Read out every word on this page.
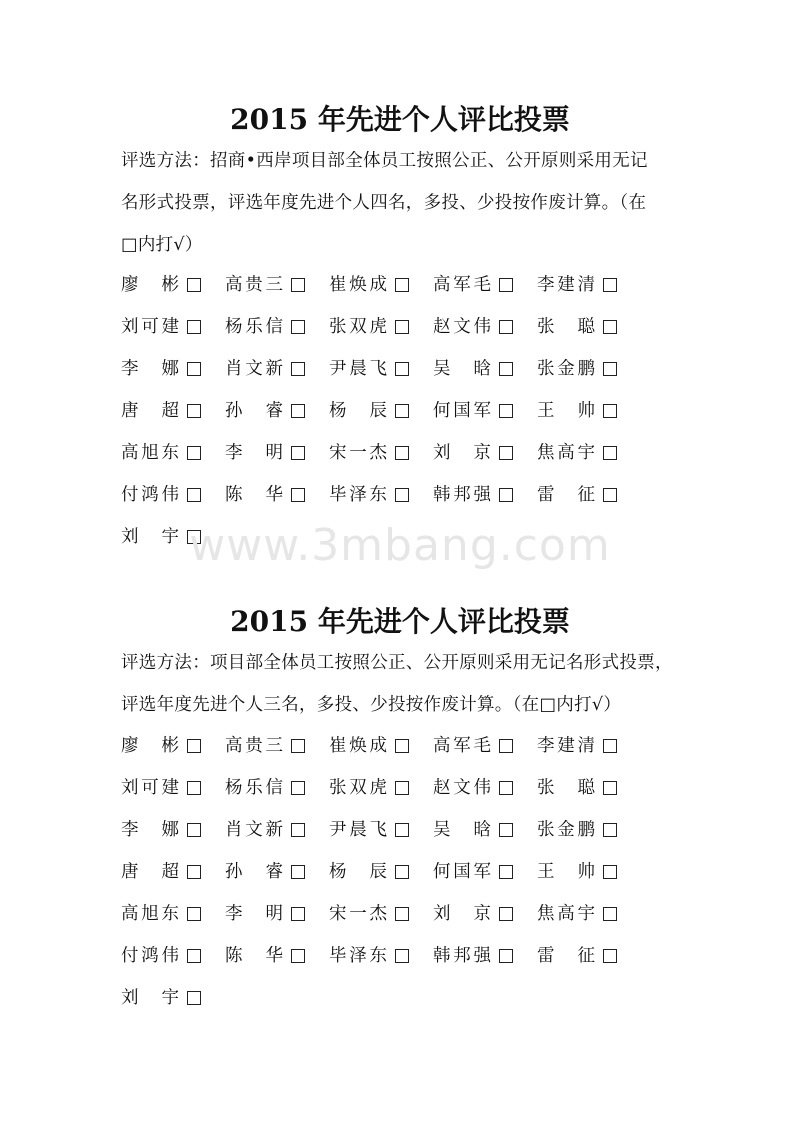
2015 年先进个人评比投票
评选方法：招商•西岸项目部全体员工按照公正、公开原则采用无记
名形式投票，评选年度先进个人四名，多投、少投按作废计算。（在
□内打√）
廖　彬	高贵三	崔焕成	高军毛	李建清
刘可建	杨乐信	张双虎	赵文伟	张　聪
李　娜	肖文新	尹晨飞	吴　晗	张金鹏
唐　超	孙　睿	杨　辰	何国军	王　帅
高旭东	李　明	宋一杰	刘　京	焦高宇
付鸿伟	陈　华	毕泽东	韩邦强	雷　征
刘　宇 www.3mbang.com
2015 年先进个人评比投票
评选方法：项目部全体员工按照公正、公开原则采用无记名形式投票，
评选年度先进个人三名，多投、少投按作废计算。（在□内打√）
廖　彬	高贵三	崔焕成	高军毛	李建清
刘可建	杨乐信	张双虎	赵文伟	张　聪
李　娜	肖文新	尹晨飞	吴　晗	张金鹏
唐　超	孙　睿	杨　辰	何国军	王　帅
高旭东	李　明	宋一杰	刘　京	焦高宇
付鸿伟	陈　华	毕泽东	韩邦强	雷　征
刘　宇
